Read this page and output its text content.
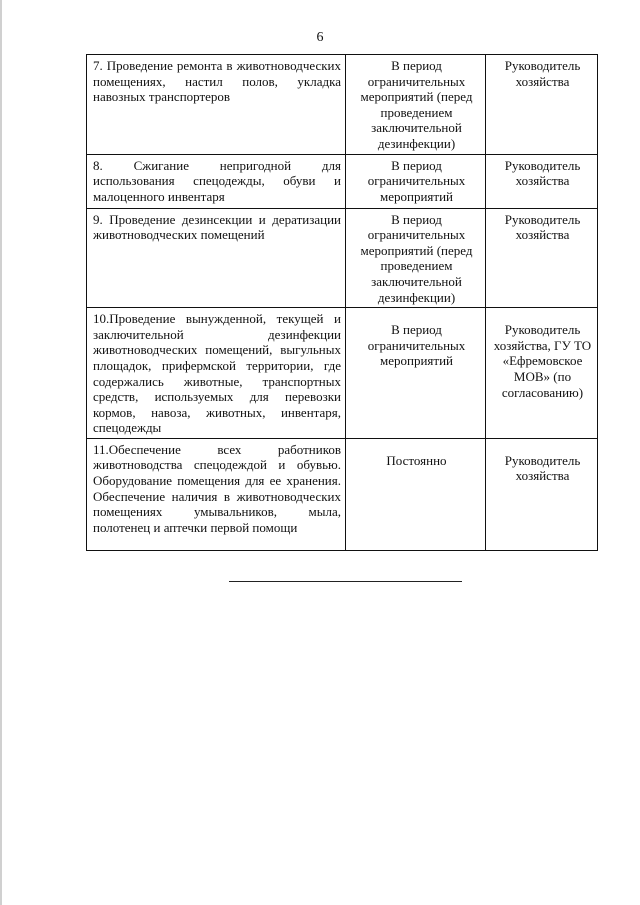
6
7. Проведение ремонта в животноводческих помещениях, настил полов, укладка навозных транспортеров	В период ограничительных мероприятий (перед проведением заключительной дезинфекции)	Руководитель хозяйства
8. Сжигание непригодной для использования спецодежды, обуви и малоценного инвентаря	В период ограничительных мероприятий	Руководитель хозяйства
9. Проведение дезинсекции и дератизации животноводческих помещений	В период ограничительных мероприятий (перед проведением заключительной дезинфекции)	Руководитель хозяйства
10.Проведение вынужденной, текущей и заключительной дезинфекции животноводческих помещений, выгульных площадок, прифермской территории, где содержались животные, транспортных средств, используемых для перевозки кормов, навоза, животных, инвентаря, спецодежды	В период ограничительных мероприятий	Руководитель хозяйства, ГУ ТО «Ефремовское МОВ» (по согласованию)
11.Обеспечение всех работников животноводства спецодеждой и обувью. Оборудование помещения для ее хранения. Обеспечение наличия в животноводческих помещениях умывальников, мыла, полотенец и аптечки первой помощи	Постоянно	Руководитель хозяйства
